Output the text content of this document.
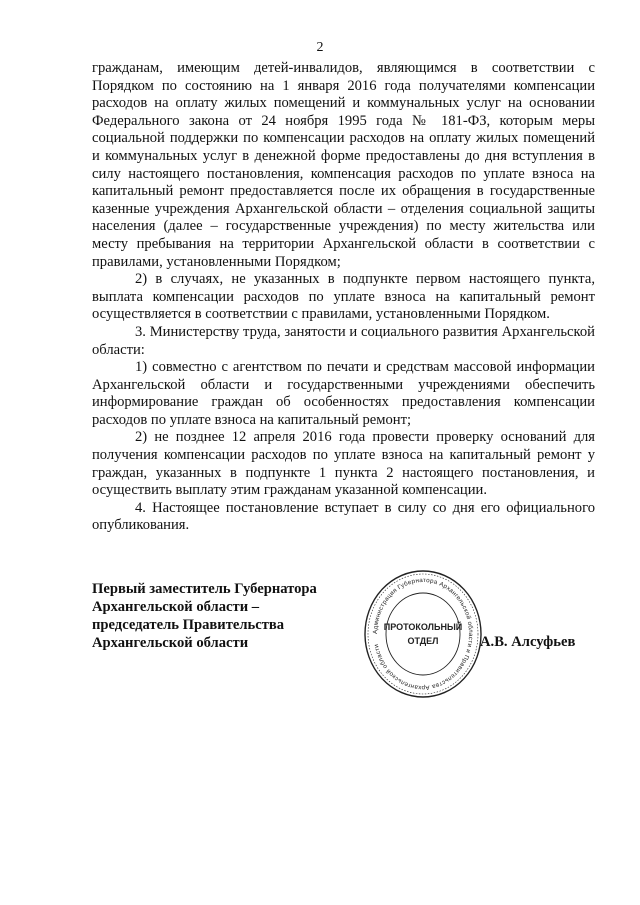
2

гражданам, имеющим детей-инвалидов, являющимся в соответствии с Порядком по состоянию на 1 января 2016 года получателями компенсации расходов на оплату жилых помещений и коммунальных услуг на основании Федерального закона от 24 ноября 1995 года № 181-ФЗ, которым меры социальной поддержки по компенсации расходов на оплату жилых помещений и коммунальных услуг в денежной форме предоставлены до дня вступления в силу настоящего постановления, компенсация расходов по уплате взноса на капитальный ремонт предоставляется после их обращения в государственные казенные учреждения Архангельской области – отделения социальной защиты населения (далее – государственные учреждения) по месту жительства или месту пребывания на территории Архангельской области в соответствии с правилами, установленными Порядком;

2) в случаях, не указанных в подпункте первом настоящего пункта, выплата компенсации расходов по уплате взноса на капитальный ремонт осуществляется в соответствии с правилами, установленными Порядком.

3. Министерству труда, занятости и социального развития Архангельской области:

1) совместно с агентством по печати и средствам массовой информации Архангельской области и государственными учреждениями обеспечить информирование граждан об особенностях предоставления компенсации расходов по уплате взноса на капитальный ремонт;

2) не позднее 12 апреля 2016 года провести проверку оснований для получения компенсации расходов по уплате взноса на капитальный ремонт у граждан, указанных в подпункте 1 пункта 2 настоящего постановления, и осуществить выплату этим гражданам указанной компенсации.

4. Настоящее постановление вступает в силу со дня его официального опубликования.

Первый заместитель Губернатора
Архангельской области –
председатель Правительства
Архангельской области
Администрация Губернатора Архангельской области и Правительства Архангельской области
ПРОТОКОЛЬНЫЙ
ОТДЕЛ	А.В. Алсуфьев
